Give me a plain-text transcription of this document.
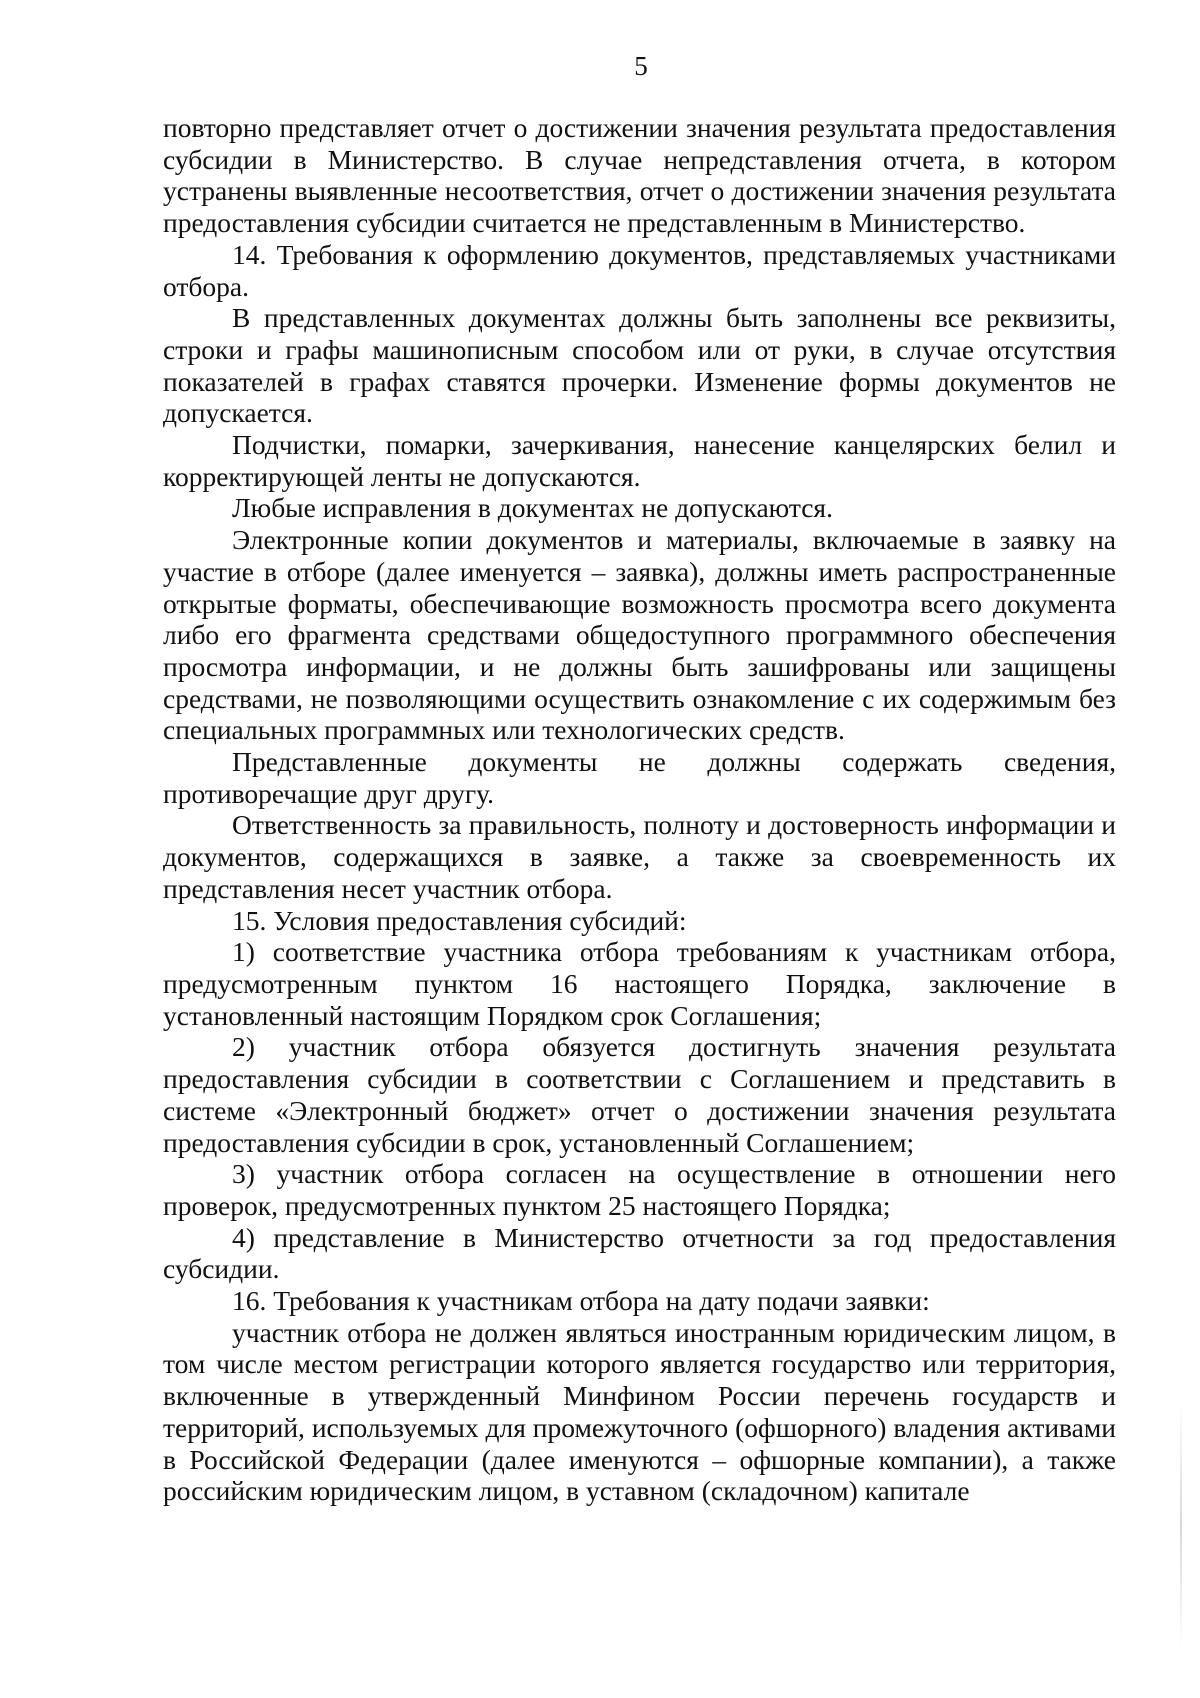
5

повторно представляет отчет о достижении значения результата предоставления субсидии в Министерство. В случае непредставления отчета, в котором устранены выявленные несоответствия, отчет о достижении значения результата предоставления субсидии считается не представленным в Министерство.

14. Требования к оформлению документов, представляемых участниками отбора.

В представленных документах должны быть заполнены все реквизиты, строки и графы машинописным способом или от руки, в случае отсутствия показателей в графах ставятся прочерки. Изменение формы документов не допускается.

Подчистки, помарки, зачеркивания, нанесение канцелярских белил и корректирующей ленты не допускаются.

Любые исправления в документах не допускаются.

Электронные копии документов и материалы, включаемые в заявку на участие в отборе (далее именуется – заявка), должны иметь распространенные открытые форматы, обеспечивающие возможность просмотра всего документа либо его фрагмента средствами общедоступного программного обеспечения просмотра информации, и не должны быть зашифрованы или защищены средствами, не позволяющими осуществить ознакомление с их содержимым без специальных программных или технологических средств.

Представленные документы не должны содержать сведения, противоречащие друг другу.

Ответственность за правильность, полноту и достоверность информации и документов, содержащихся в заявке, а также за своевременность их представления несет участник отбора.

15. Условия предоставления субсидий:

1) соответствие участника отбора требованиям к участникам отбора, предусмотренным пунктом 16 настоящего Порядка, заключение в установленный настоящим Порядком срок Соглашения;

2) участник отбора обязуется достигнуть значения результата предоставления субсидии в соответствии с Соглашением и представить в системе «Электронный бюджет» отчет о достижении значения результата предоставления субсидии в срок, установленный Соглашением;

3) участник отбора согласен на осуществление в отношении него проверок, предусмотренных пунктом 25 настоящего Порядка;

4) представление в Министерство отчетности за год предоставления субсидии.

16. Требования к участникам отбора на дату подачи заявки:

участник отбора не должен являться иностранным юридическим лицом, в том числе местом регистрации которого является государство или территория, включенные в утвержденный Минфином России перечень государств и территорий, используемых для промежуточного (офшорного) владения активами в Российской Федерации (далее именуются – офшорные компании), а также российским юридическим лицом, в уставном (складочном) капитале
